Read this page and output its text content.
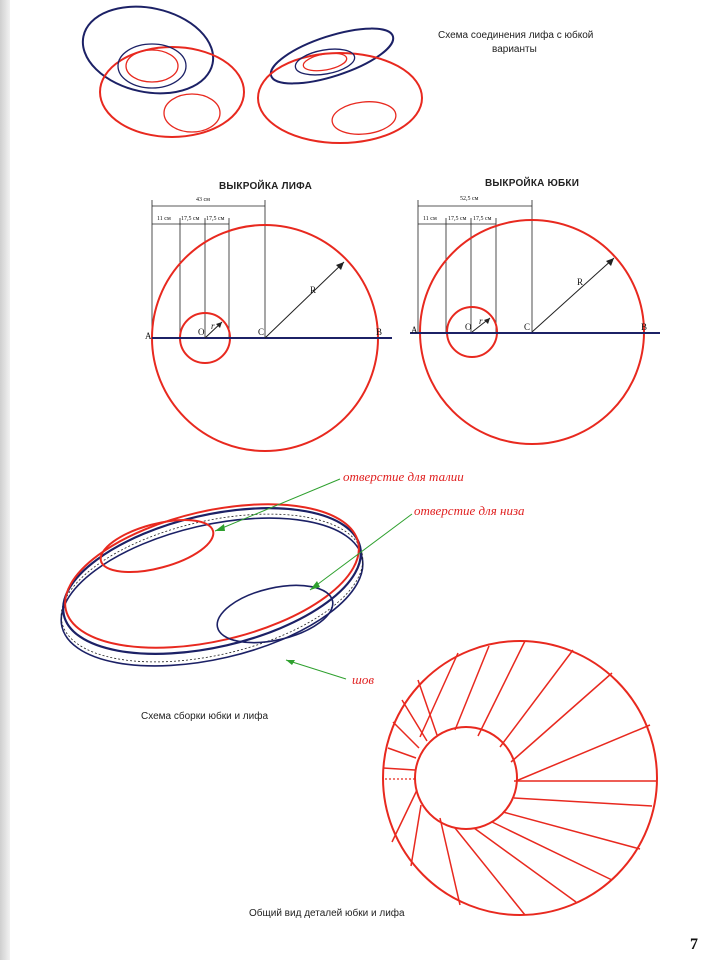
Схема соединения лифа с юбкой
варианты
ВЫКРОЙКА ЛИФА	ВЫКРОЙКА ЮБКИ
43 см
11 см 17,5 см 17,5 см
A	O
r
C
R
B
52,5 см
11 см 17,5 см 17,5 см
A	O
r
C
R
B
отверстие для талии
отверстие для низа
шов
Схема сборки юбки и лифа
Общий вид деталей юбки и лифа
7
